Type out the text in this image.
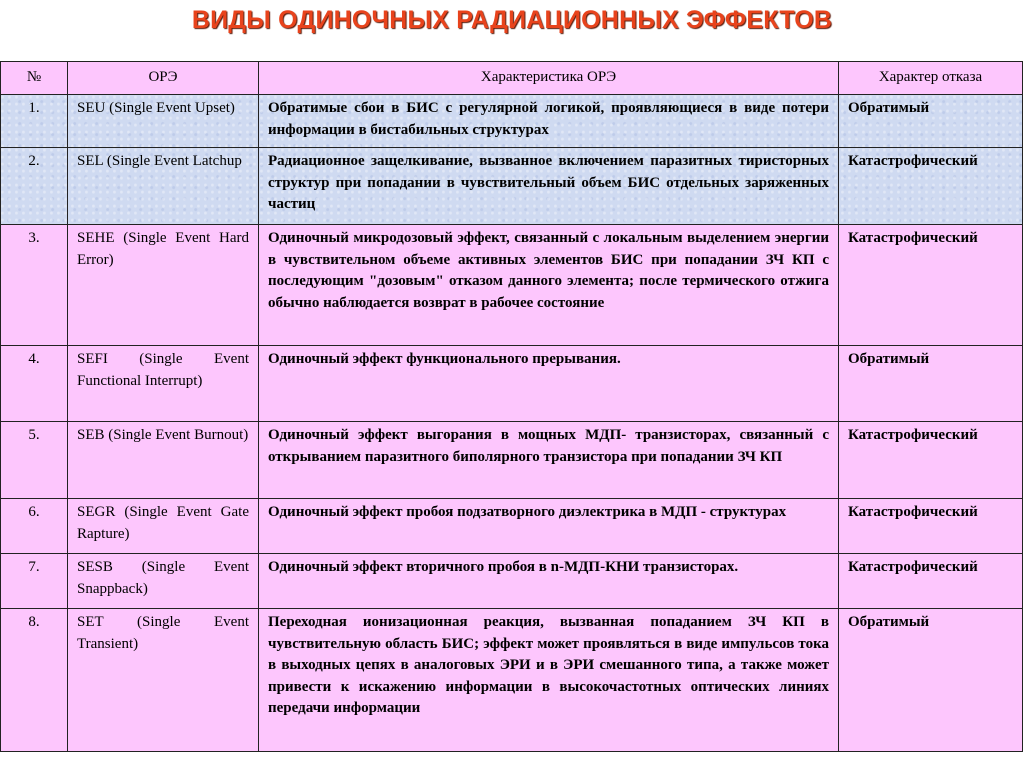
ВИДЫ ОДИНОЧНЫХ РАДИАЦИОННЫХ ЭФФЕКТОВ
№	ОРЭ	Характеристика ОРЭ	Характер отказа
1.	SEU (Single Event Upset)	Обратимые сбои в БИС с регулярной логикой, проявляющиеся в виде потери информации в бистабильных структурах	Обратимый
2.	SEL (Single Event Latchup	Радиационное защелкивание, вызванное включением паразитных тиристорных структур при попадании в чувствительный объем БИС отдельных заряженных частиц	Катастрофический
3.	SEHE (Single Event Hard Error)	Одиночный микродозовый эффект, связанный с локальным выделением энергии в чувствительном объеме активных элементов БИС при попадании ЗЧ КП с последующим "дозовым" отказом данного элемента; после термического отжига обычно наблюдается возврат в рабочее состояние	Катастрофический
4.	SEFI (Single Event Functional Interrupt)	Одиночный эффект функционального прерывания.	Обратимый
5.	SEB (Single Event Burnout)	Одиночный эффект выгорания в мощных МДП- транзисторах, связанный с открыванием паразитного биполярного транзистора при попадании ЗЧ КП	Катастрофический
6.	SEGR (Single Event Gate Rapture)	Одиночный эффект пробоя подзатворного диэлектрика в МДП - структурах	Катастрофический
7.	SESB (Single Event Snappback)	Одиночный эффект вторичного пробоя в n-МДП-КНИ транзисторах.	Катастрофический
8.	SET (Single Event Transient)	Переходная ионизационная реакция, вызванная попаданием ЗЧ КП в чувствительную область БИС; эффект может проявляться в виде импульсов тока в выходных цепях в аналоговых ЭРИ и в ЭРИ смешанного типа, а также может привести к искажению информации в высокочастотных оптических линиях передачи информации	Обратимый
